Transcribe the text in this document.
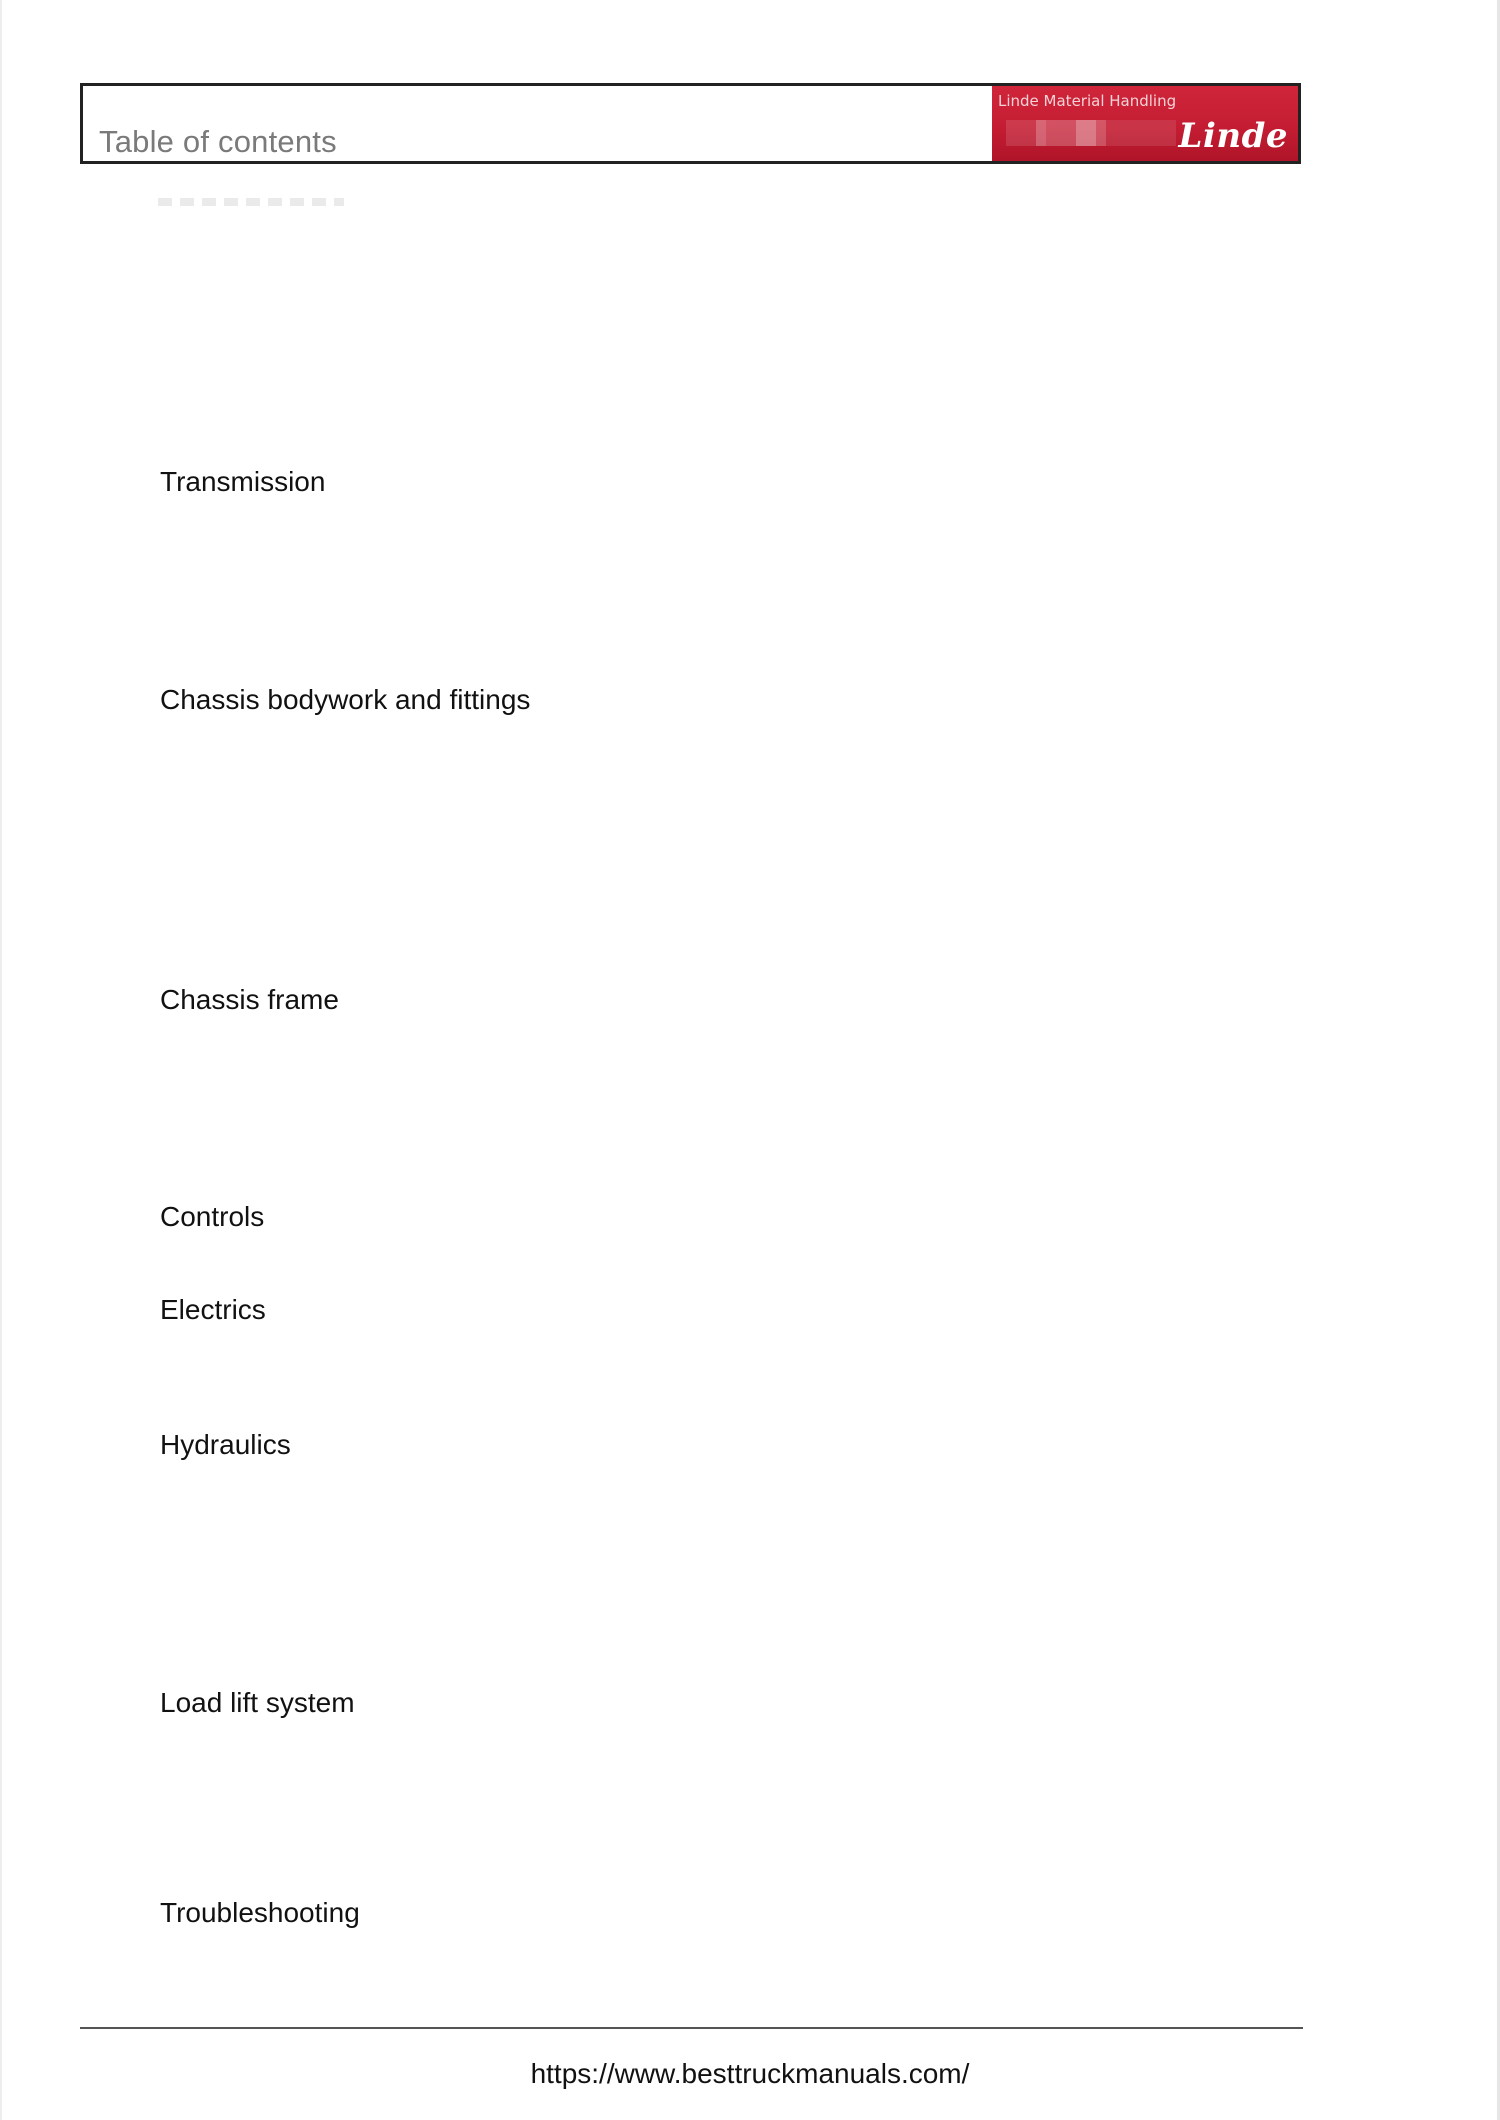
Table of contents
Linde Material Handling
Linde
Transmission
Chassis bodywork and fittings
Chassis frame
Controls
Electrics
Hydraulics
Load lift system
Troubleshooting
https://www.besttruckmanuals.com/
